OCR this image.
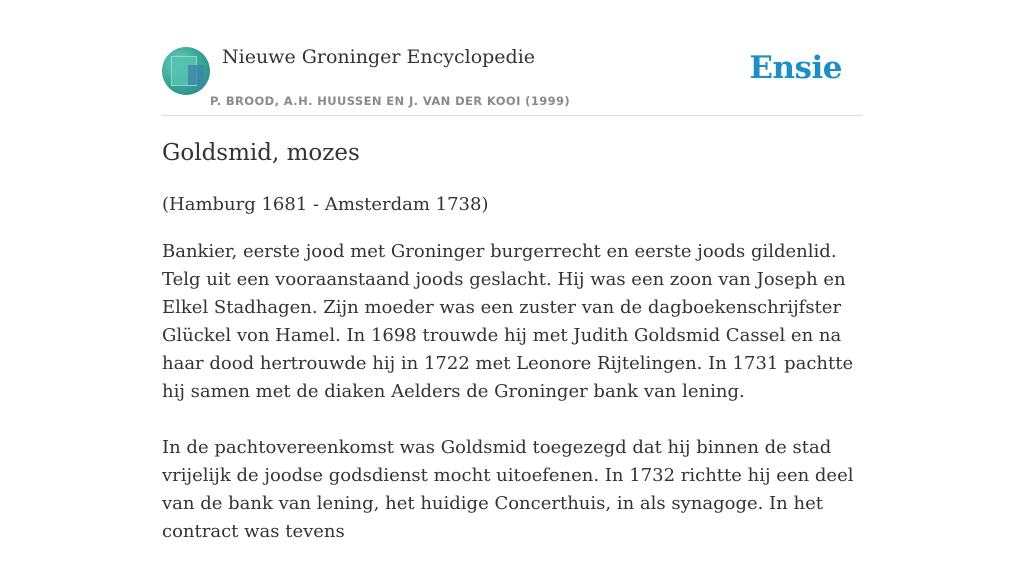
Nieuwe Groninger Encyclopedie
P. BROOD, A.H. HUUSSEN EN J. VAN DER KOOI (1999)
Ensie
Goldsmid, mozes

(Hamburg 1681 - Amsterdam 1738)

Bankier, eerste jood met Groninger burgerrecht en eerste joods gildenlid. Telg uit een vooraanstaand joods geslacht. Hij was een zoon van Joseph en Elkel Stadhagen. Zijn moeder was een zuster van de dagboekenschrijfster Glückel von Hamel. In 1698 trouwde hij met Judith Goldsmid Cassel en na haar dood hertrouwde hij in 1722 met Leonore Rijtelingen. In 1731 pachtte hij samen met de diaken Aelders de Groninger bank van lening.

In de pachtovereenkomst was Goldsmid toegezegd dat hij binnen de stad vrijelijk de joodse godsdienst mocht uitoefenen. In 1732 richtte hij een deel van de bank van lening, het huidige Concerthuis, in als synagoge. In het contract was tevens
